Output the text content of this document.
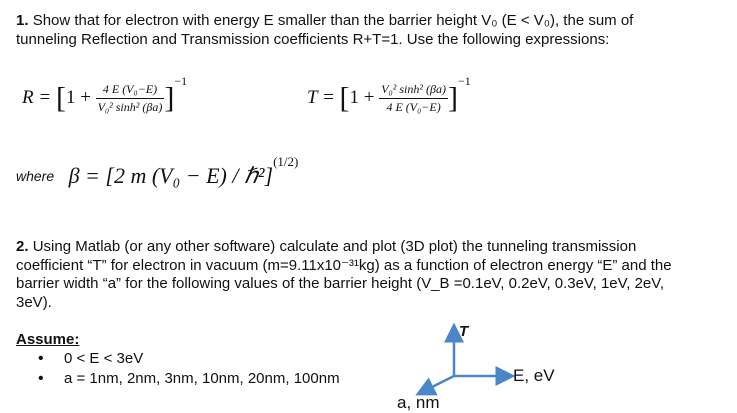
1. Show that for electron with energy E smaller than the barrier height V₀ (E < V₀), the sum of
tunneling Reflection and Transmission coefficients R+T=1. Use the following expressions:
$R = [1 + \frac{\text{4 E (V₀−E)}}{\text{V₀² sinh² (βa)}} ]^{-1}$
$T = [1 + \frac{\text{V₀² sinh² (βa)}}{\text{4 E (V₀−E)}} ]^{-1}$
where β = [2 m (V₀ − E) / ℏ²]$^{(1/2)}$
2. Using Matlab (or any other software) calculate and plot (3D plot) the tunneling transmission
coefficient “T” for electron in vacuum (m=9.11x10⁻³¹kg) as a function of electron energy “E” and the
barrier width “a” for the following values of the barrier height (V_B =0.1eV, 0.2eV, 0.3eV, 1eV, 2eV,
3eV).
Assume:
• 0 < E < 3eV
• a = 1nm, 2nm, 3nm, 10nm, 20nm, 100nm
T
E, eV
a, nm
